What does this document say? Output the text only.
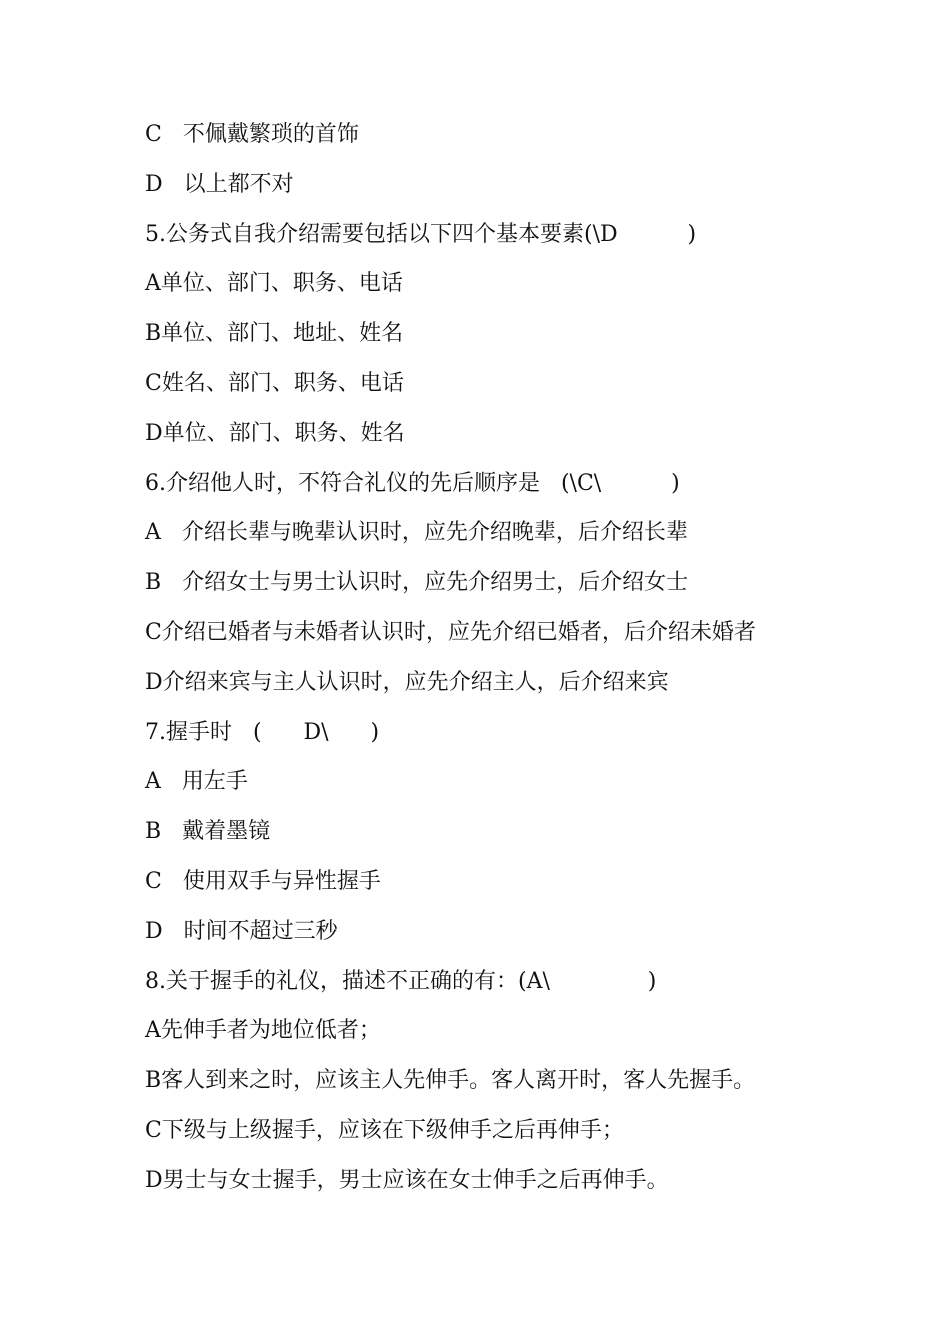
C   不佩戴繁琐的首饰
D   以上都不对
5.公务式自我介绍需要包括以下四个基本要素(\D          )
A单位、部门、职务、电话
B单位、部门、地址、姓名
C姓名、部门、职务、电话
D单位、部门、职务、姓名
6.介绍他人时，不符合礼仪的先后顺序是   (\C\          )
A   介绍长辈与晚辈认识时，应先介绍晚辈，后介绍长辈
B   介绍女士与男士认识时，应先介绍男士，后介绍女士
C介绍已婚者与未婚者认识时，应先介绍已婚者，后介绍未婚者
D介绍来宾与主人认识时，应先介绍主人，后介绍来宾
7.握手时   (      D\      )
A   用左手
B   戴着墨镜
C   使用双手与异性握手
D   时间不超过三秒
8.关于握手的礼仪，描述不正确的有：(A\              )
A先伸手者为地位低者；
B客人到来之时，应该主人先伸手。客人离开时，客人先握手。
C下级与上级握手，应该在下级伸手之后再伸手；
D男士与女士握手，男士应该在女士伸手之后再伸手。
